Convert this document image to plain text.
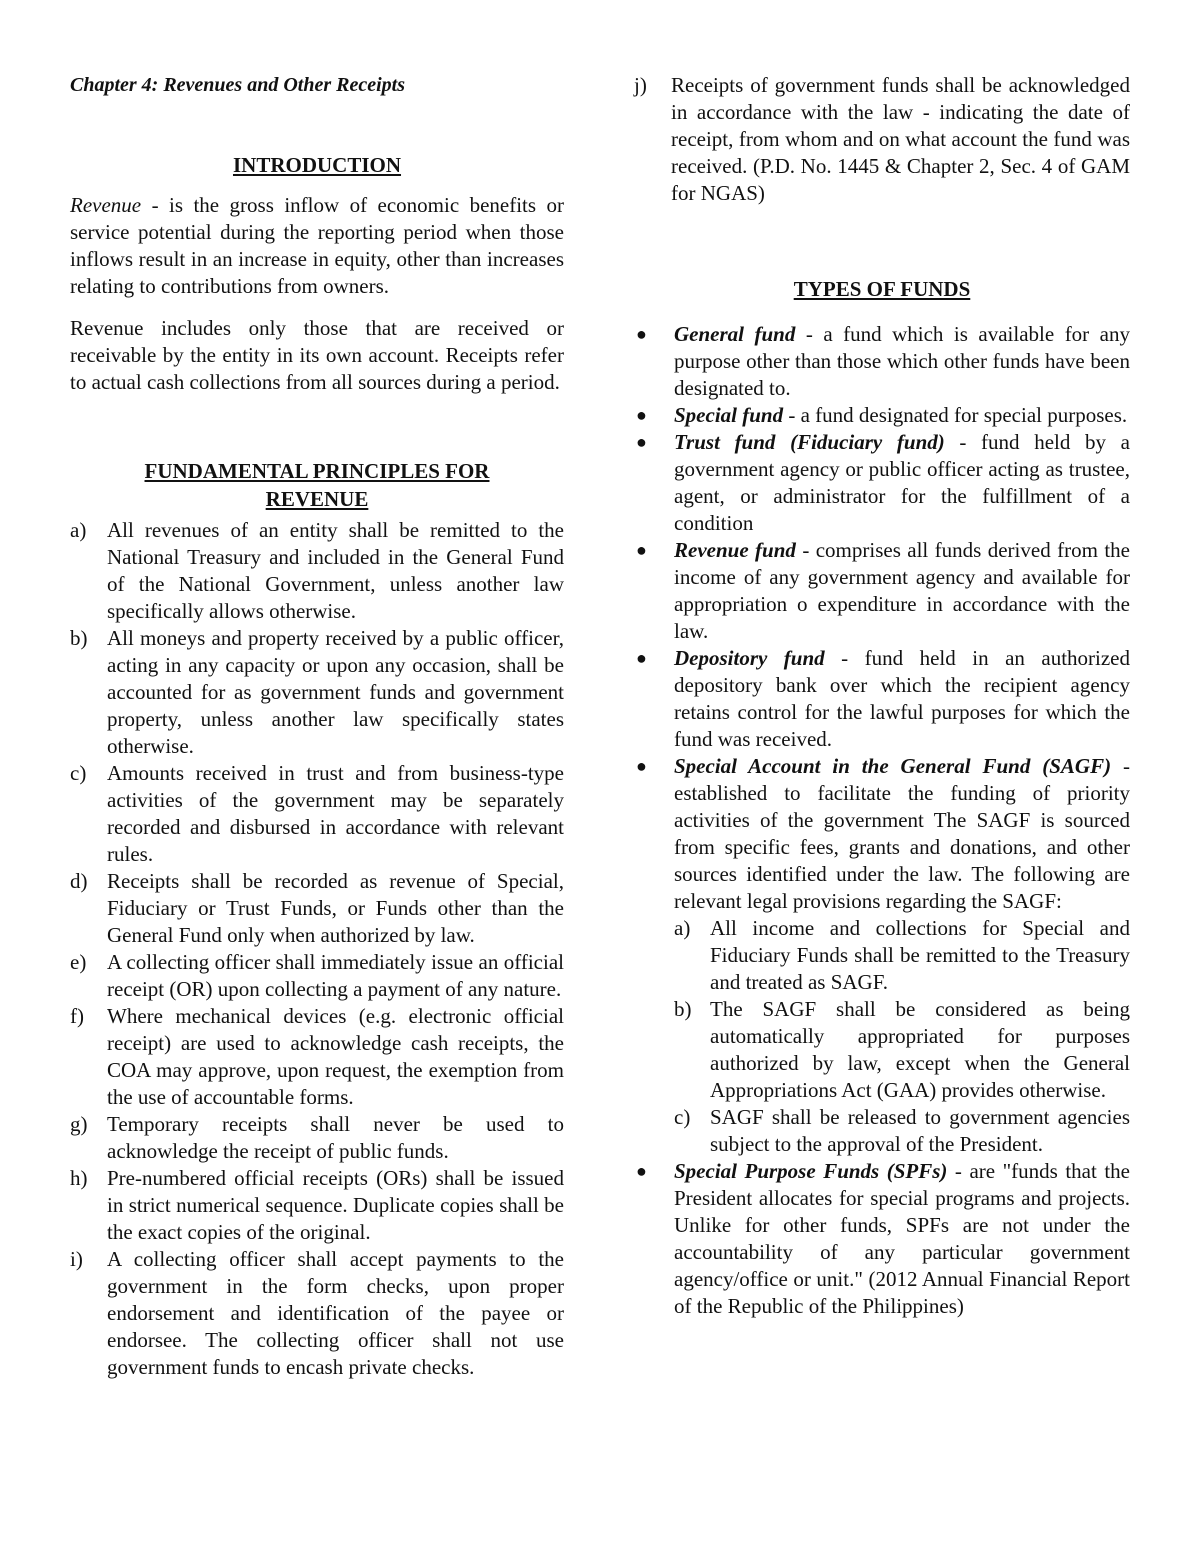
Chapter 4: Revenues and Other Receipts

INTRODUCTION

Revenue - is the gross inflow of economic benefits or service potential during the reporting period when those inflows result in an increase in equity, other than increases relating to contributions from owners.

Revenue includes only those that are received or receivable by the entity in its own account. Receipts refer to actual cash collections from all sources during a period.

FUNDAMENTAL PRINCIPLES FOR
REVENUE

a) All revenues of an entity shall be remitted to the National Treasury and included in the General Fund of the National Government, unless another law specifically allows otherwise.
b) All moneys and property received by a public officer, acting in any capacity or upon any occasion, shall be accounted for as government funds and government property, unless another law specifically states otherwise.
c) Amounts received in trust and from business-type activities of the government may be separately recorded and disbursed in accordance with relevant rules.
d) Receipts shall be recorded as revenue of Special, Fiduciary or Trust Funds, or Funds other than the General Fund only when authorized by law.
e) A collecting officer shall immediately issue an official receipt (OR) upon collecting a payment of any nature.
f)	Where mechanical devices (e.g. electronic official receipt) are used to acknowledge cash receipts, the COA may approve, upon request, the exemption from the use of accountable forms.
g) Temporary receipts shall never be used to acknowledge the receipt of public funds.
h) Pre-numbered official receipts (ORs) shall be issued in strict numerical sequence. Duplicate copies shall be the exact copies of the original.
i)	A collecting officer shall accept payments to the government in the form checks, upon proper endorsement and identification of the payee or endorsee. The collecting officer shall not use government funds to encash private checks.
j)	Receipts of government funds shall be acknowledged in accordance with the law - indicating the date of receipt, from whom and on what account the fund was received. (P.D. No. 1445 & Chapter 2, Sec. 4 of GAM for NGAS)

TYPES OF FUNDS

●	General fund - a fund which is available for any purpose other than those which other funds have been designated to.
●	Special fund - a fund designated for special purposes.
●	Trust fund (Fiduciary fund) - fund held by a government agency or public officer acting as trustee, agent, or administrator for the fulfillment of a condition
●	Revenue fund - comprises all funds derived from the income of any government agency and available for appropriation o expenditure in accordance with the law.
●	Depository fund - fund held in an authorized depository bank over which the recipient agency retains control for the lawful purposes for which the fund was received.
●	Special Account in the General Fund (SAGF) - established to facilitate the funding of priority activities of the government The SAGF is sourced from specific fees, grants and donations, and other sources identified under the law. The following are relevant legal provisions regarding the SAGF:
a) All income and collections for Special and Fiduciary Funds shall be remitted to the Treasury and treated as SAGF.
b) The SAGF shall be considered as being automatically appropriated for purposes authorized by law, except when the General Appropriations Act (GAA) provides otherwise.
c) SAGF shall be released to government agencies subject to the approval of the President.
●	Special Purpose Funds (SPFs) - are "funds that the President allocates for special programs and projects. Unlike for other funds, SPFs are not under the accountability of any particular government agency/office or unit." (2012 Annual Financial Report of the Republic of the Philippines)
